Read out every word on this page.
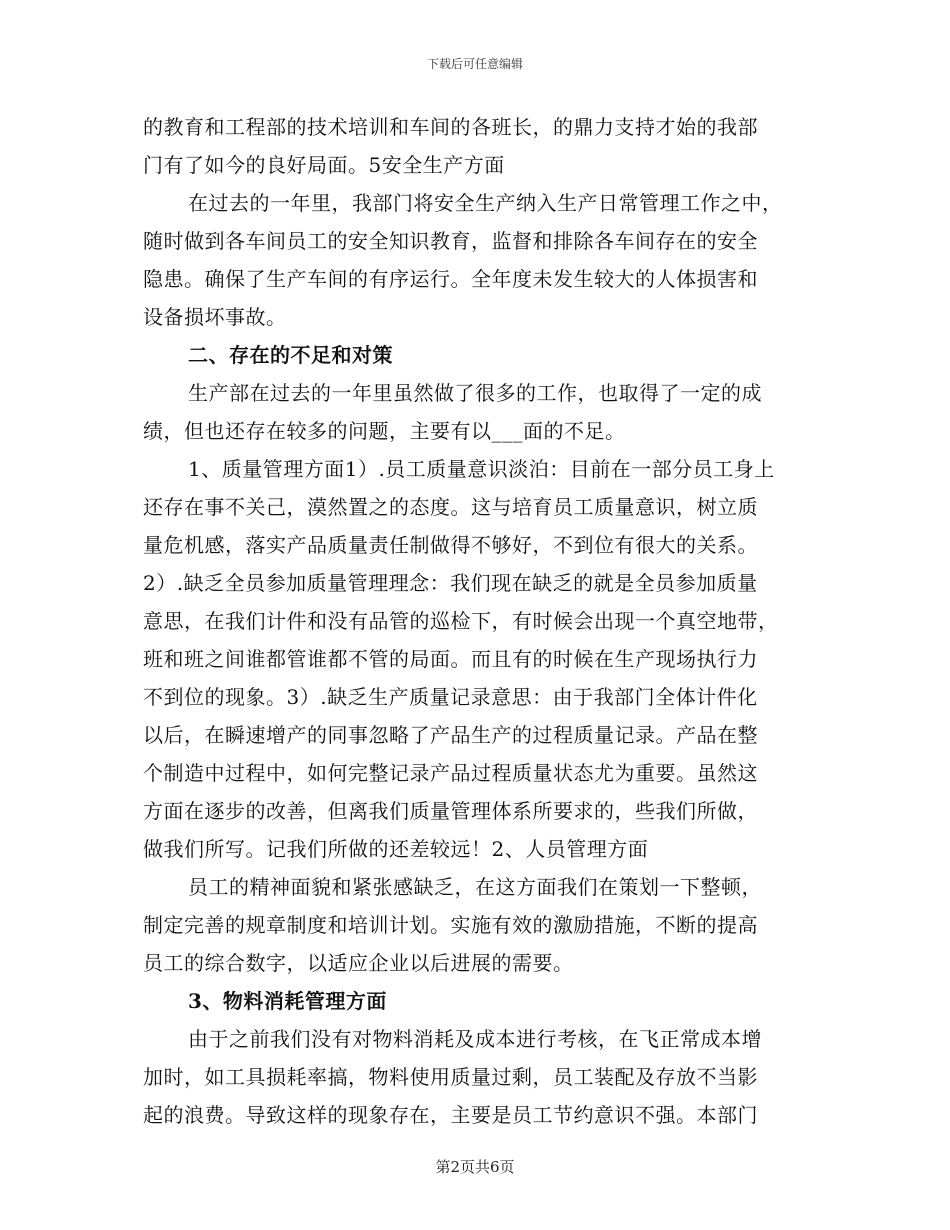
下载后可任意编辑
的教育和工程部的技术培训和车间的各班长，的鼎力支持才始的我部
门有了如今的良好局面。5安全生产方面
在过去的一年里，我部门将安全生产纳入生产日常管理工作之中，
随时做到各车间员工的安全知识教育，监督和排除各车间存在的安全
隐患。确保了生产车间的有序运行。全年度未发生较大的人体损害和
设备损坏事故。
二、存在的不足和对策
生产部在过去的一年里虽然做了很多的工作，也取得了一定的成
绩，但也还存在较多的问题，主要有以___面的不足。
1、质量管理方面1）.员工质量意识淡泊：目前在一部分员工身上
还存在事不关己，漠然置之的态度。这与培育员工质量意识，树立质
量危机感，落实产品质量责任制做得不够好，不到位有很大的关系。
2）.缺乏全员参加质量管理理念：我们现在缺乏的就是全员参加质量
意思，在我们计件和没有品管的巡检下，有时候会出现一个真空地带，
班和班之间谁都管谁都不管的局面。而且有的时候在生产现场执行力
不到位的现象。3）.缺乏生产质量记录意思：由于我部门全体计件化
以后，在瞬速增产的同事忽略了产品生产的过程质量记录。产品在整
个制造中过程中，如何完整记录产品过程质量状态尤为重要。虽然这
方面在逐步的改善，但离我们质量管理体系所要求的，些我们所做，
做我们所写。记我们所做的还差较远！2、人员管理方面
员工的精神面貌和紧张感缺乏，在这方面我们在策划一下整顿，
制定完善的规章制度和培训计划。实施有效的激励措施，不断的提高
员工的综合数字，以适应企业以后进展的需要。
3、物料消耗管理方面
由于之前我们没有对物料消耗及成本进行考核，在飞正常成本增
加时，如工具损耗率搞，物料使用质量过剩，员工装配及存放不当影
起的浪费。导致这样的现象存在，主要是员工节约意识不强。本部门
第2页共6页
